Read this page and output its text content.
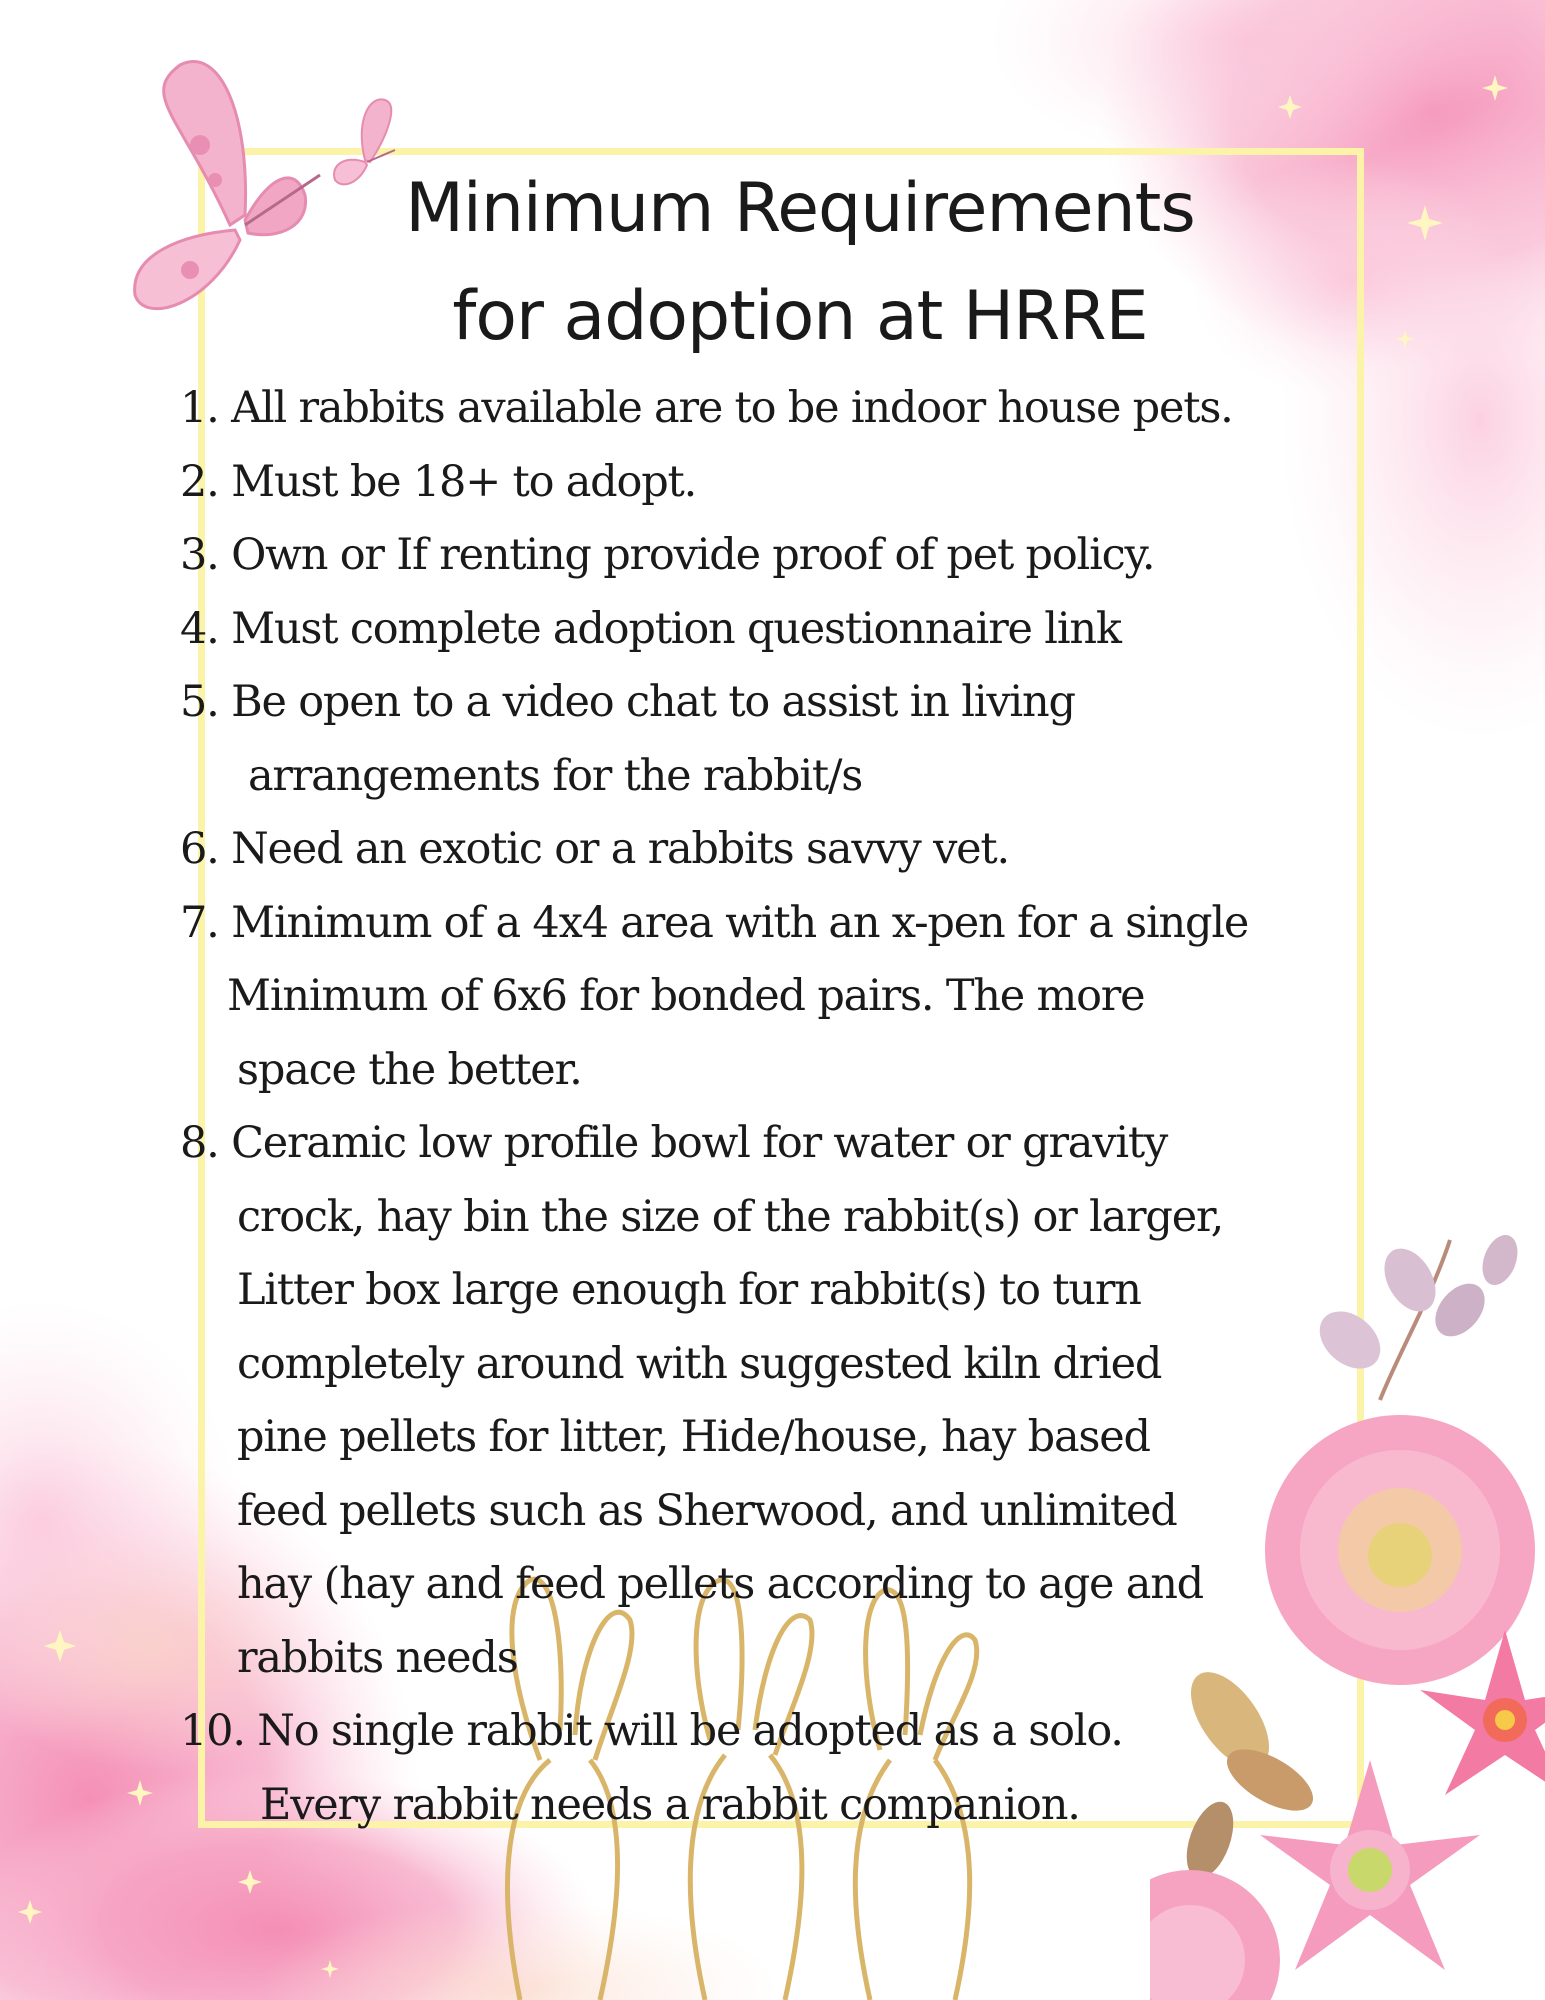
Minimum Requirements
for adoption at HRRE
1. All rabbits available are to be indoor house pets.
2. Must be 18+ to adopt.
3. Own or If renting provide proof of pet policy.
4. Must complete adoption questionnaire link
5. Be open to a video chat to assist in living
arrangements for the rabbit/s
6. Need an exotic or a rabbits savvy vet.
7. Minimum of a 4x4 area with an x-pen for a single
Minimum of 6x6 for bonded pairs. The more
space the better.
8. Ceramic low profile bowl for water or gravity
crock, hay bin the size of the rabbit(s) or larger,
Litter box large enough for rabbit(s) to turn
completely around with suggested kiln dried
pine pellets for litter, Hide/house, hay based
feed pellets such as Sherwood, and unlimited
hay (hay and feed pellets according to age and
rabbits needs
10. No single rabbit will be adopted as a solo.
Every rabbit needs a rabbit companion.
